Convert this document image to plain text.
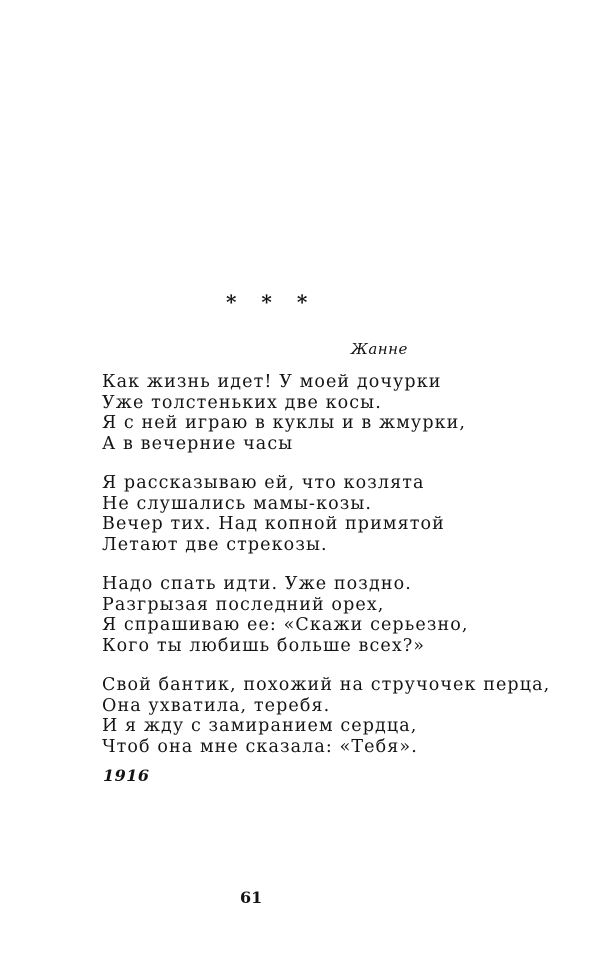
* * *
Жанне
Как жизнь идет! У моей дочурки
Уже толстеньких две косы.
Я с ней играю в куклы и в жмурки,
А в вечерние часы
Я рассказываю ей, что козлята
Не слушались мамы-козы.
Вечер тих. Над копной примятой
Летают две стрекозы.
Надо спать идти. Уже поздно.
Разгрызая последний орех,
Я спрашиваю ее: «Скажи серьезно,
Кого ты любишь больше всех?»
Свой бантик, похожий на стручочек перца,
Она ухватила, теребя.
И я жду с замиранием сердца,
Чтоб она мне сказала: «Тебя».
1916
61
